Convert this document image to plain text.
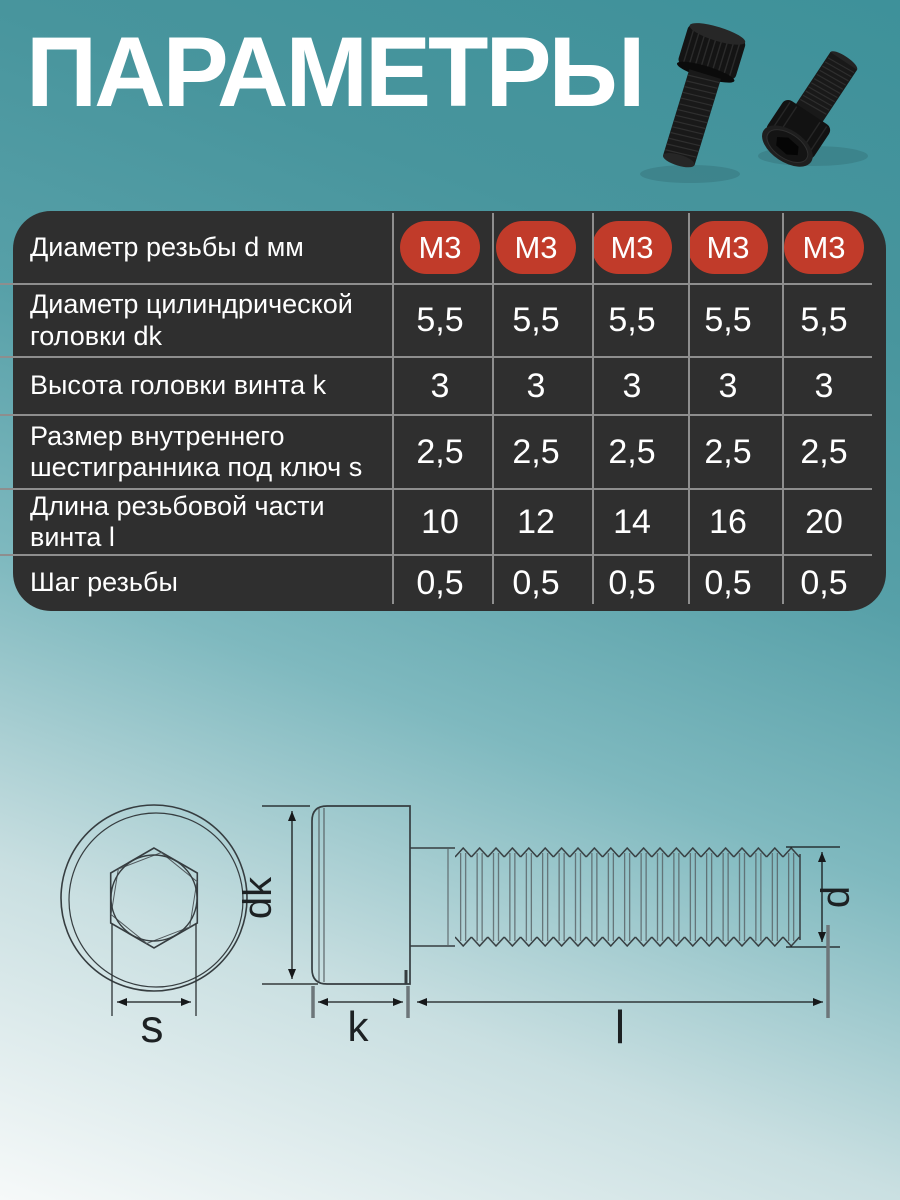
ПАРАМЕТРЫ
Диаметр резьбы d мм	М3	М3	М3	М3	М3
Диаметр цилиндрической головки dk	5,5	5,5	5,5	5,5	5,5
Высота головки винта k	3	3	3	3	3
Размер внутреннего шестигранника под ключ s	2,5	2,5	2,5	2,5	2,5
Длина резьбовой части винта l	10	12	14	16	20
Шаг резьбы	0,5	0,5	0,5	0,5	0,5
dk	d
s	k	l
